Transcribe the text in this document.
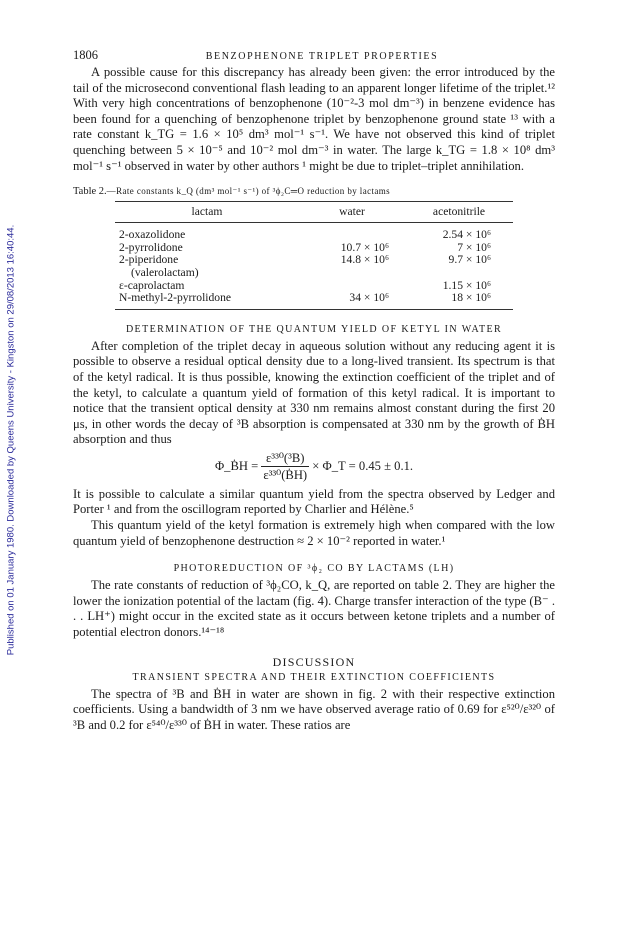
Published on 01 January 1980. Downloaded by Queens University - Kingston on 29/08/2013 16:40:44.
1806	BENZOPHENONE TRIPLET PROPERTIES

A possible cause for this discrepancy has already been given: the error introduced by the tail of the microsecond conventional flash leading to an apparent longer lifetime of the triplet.¹² With very high concentrations of benzophenone (10⁻²-3 mol dm⁻³) in benzene evidence has been found for a quenching of benzophenone triplet by benzophenone ground state ¹³ with a rate constant k_TG = 1.6 × 10⁵ dm³ mol⁻¹ s⁻¹. We have not observed this kind of triplet quenching between 5 × 10⁻⁵ and 10⁻² mol dm⁻³ in water. The large k_TG = 1.8 × 10⁸ dm³ mol⁻¹ s⁻¹ observed in water by other authors ¹ might be due to triplet–triplet annihilation.

Table 2.—Rate constants k_Q (dm³ mol⁻¹ s⁻¹) of ³ϕ₂C═O reduction by lactams
lactam	water	acetonitrile
2-oxazolidone		2.54 × 10⁶
2-pyrrolidone	10.7 × 10⁶	7 × 10⁶
2-piperidone	14.8 × 10⁶	9.7 × 10⁶
(valerolactam)		
ε-caprolactam		1.15 × 10⁶
N-methyl-2-pyrrolidone	34 × 10⁶	18 × 10⁶
DETERMINATION OF THE QUANTUM YIELD OF KETYL IN WATER

After completion of the triplet decay in aqueous solution without any reducing agent it is possible to observe a residual optical density due to a long-lived transient. Its spectrum is that of the ketyl radical. It is thus possible, knowing the extinction coefficient of the triplet and of the ketyl, to calculate a quantum yield of formation of this ketyl radical. It is important to notice that the transient optical density at 330 nm remains almost constant during the first 20 μs, in other words the decay of ³B absorption is compensated at 330 nm by the growth of ḂH absorption and thus

Φ_ḂH = $\frac{\text{ε³³⁰(³B)}}{\text{ε³³⁰(ḂH)}}$ × Φ_T = 0.45 ± 0.1.

It is possible to calculate a similar quantum yield from the spectra observed by Ledger and Porter ¹ and from the oscillogram reported by Charlier and Hélène.⁵

This quantum yield of the ketyl formation is extremely high when compared with the low quantum yield of benzophenone destruction ≈ 2 × 10⁻² reported in water.¹

PHOTOREDUCTION OF ³ϕ₂ CO BY LACTAMS (LH)

The rate constants of reduction of ³ϕ₂CO, k_Q, are reported on table 2. They are higher the lower the ionization potential of the lactam (fig. 4). Charge transfer interaction of the type (B⁻ . . . LH⁺) might occur in the excited state as it occurs between ketone triplets and a number of potential electron donors.¹⁴⁻¹⁸

DISCUSSION
TRANSIENT SPECTRA AND THEIR EXTINCTION COEFFICIENTS

The spectra of ³B and ḂH in water are shown in fig. 2 with their respective extinction coefficients. Using a bandwidth of 3 nm we have observed average ratio of 0.69 for ε⁵²⁰/ε³²⁰ of ³B and 0.2 for ε⁵⁴⁰/ε³³⁰ of ḂH in water. These ratios are
